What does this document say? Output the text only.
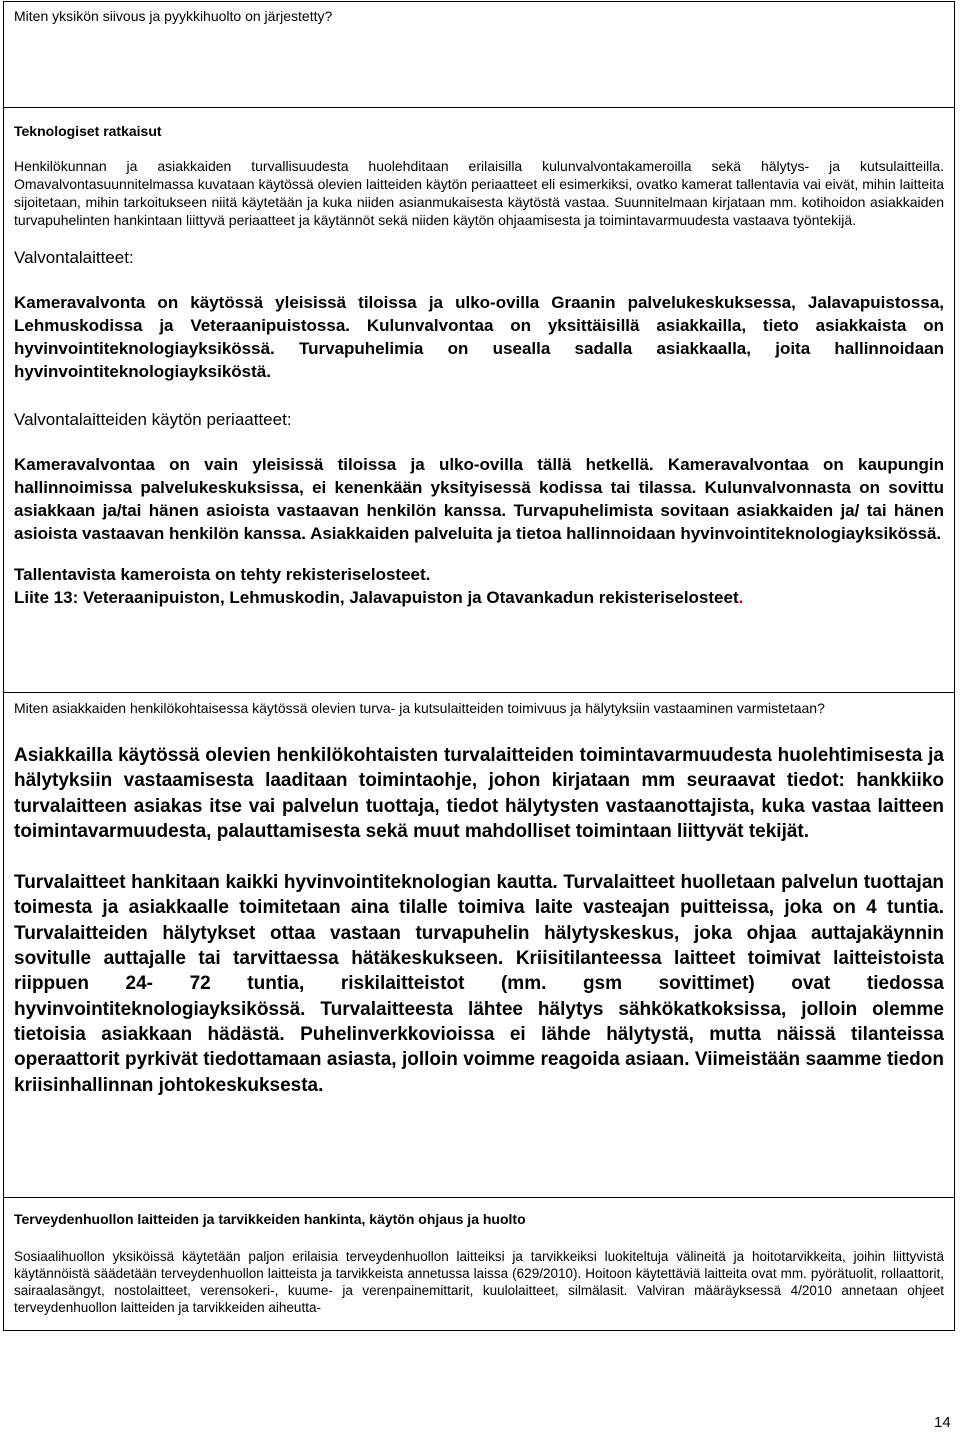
Miten yksikön siivous ja pyykkihuolto on järjestetty?

Teknologiset ratkaisut

Henkilökunnan ja asiakkaiden turvallisuudesta huolehditaan erilaisilla kulunvalvontakameroilla sekä hälytys- ja kutsulaitteilla. Omavalvontasuunnitelmassa kuvataan käytössä olevien laitteiden käytön periaatteet eli esimerkiksi, ovatko kamerat tallentavia vai eivät, mihin laitteita sijoitetaan, mihin tarkoitukseen niitä käytetään ja kuka niiden asianmukaisesta käytöstä vastaa. Suunnitelmaan kirjataan mm. kotihoidon asiakkaiden turvapuhelinten hankintaan liittyvä periaatteet ja käytännöt sekä niiden käytön ohjaamisesta ja toimintavarmuudesta vastaava työntekijä.

Valvontalaitteet:

Kameravalvonta on käytössä yleisissä tiloissa ja ulko-ovilla Graanin palvelukeskuksessa, Jalavapuistossa, Lehmuskodissa ja Veteraanipuistossa. Kulunvalvontaa on yksittäisillä asiakkailla, tieto asiakkaista on hyvinvointiteknologiayksikössä. Turvapuhelimia on usealla sadalla asiakkaalla, joita hallinnoidaan hyvinvointiteknologiayksiköstä.

Valvontalaitteiden käytön periaatteet:

Kameravalvontaa on vain yleisissä tiloissa ja ulko-ovilla tällä hetkellä. Kameravalvontaa on kaupungin hallinnoimissa palvelukeskuksissa, ei kenenkään yksityisessä kodissa tai tilassa. Kulunvalvonnasta on sovittu asiakkaan ja/tai hänen asioista vastaavan henkilön kanssa. Turvapuhelimista sovitaan asiakkaiden ja/ tai hänen asioista vastaavan henkilön kanssa. Asiakkaiden palveluita ja tietoa hallinnoidaan hyvinvointiteknologiayksikössä.

Tallentavista kameroista on tehty rekisteriselosteet.
Liite 13: Veteraanipuiston, Lehmuskodin, Jalavapuiston ja Otavankadun rekisteriselosteet.

Miten asiakkaiden henkilökohtaisessa käytössä olevien turva- ja kutsulaitteiden toimivuus ja hälytyksiin vastaaminen varmistetaan?

Asiakkailla käytössä olevien henkilökohtaisten turvalaitteiden toimintavarmuudesta huolehtimisesta ja hälytyksiin vastaamisesta laaditaan toimintaohje, johon kirjataan mm seuraavat tiedot: hankkiiko turvalaitteen asiakas itse vai palvelun tuottaja, tiedot hälytysten vastaanottajista, kuka vastaa laitteen toimintavarmuudesta, palauttamisesta sekä muut mahdolliset toimintaan liittyvät tekijät.

Turvalaitteet hankitaan kaikki hyvinvointiteknologian kautta. Turvalaitteet huolletaan palvelun tuottajan toimesta ja asiakkaalle toimitetaan aina tilalle toimiva laite vasteajan puitteissa, joka on 4 tuntia. Turvalaitteiden hälytykset ottaa vastaan turvapuhelin hälytyskeskus, joka ohjaa auttajakäynnin sovitulle auttajalle tai tarvittaessa hätäkeskukseen. Kriisitilanteessa laitteet toimivat laitteistoista riippuen 24- 72 tuntia, riskilaitteistot (mm. gsm sovittimet) ovat tiedossa hyvinvointiteknologiayksikössä. Turvalaitteesta lähtee hälytys sähkökatkoksissa, jolloin olemme tietoisia asiakkaan hädästä. Puhelinverkkovioissa ei lähde hälytystä, mutta näissä tilanteissa operaattorit pyrkivät tiedottamaan asiasta, jolloin voimme reagoida asiaan. Viimeistään saamme tiedon kriisinhallinnan johtokeskuksesta.

Terveydenhuollon laitteiden ja tarvikkeiden hankinta, käytön ohjaus ja huolto

Sosiaalihuollon yksiköissä käytetään paljon erilaisia terveydenhuollon laitteiksi ja tarvikkeiksi luokiteltuja välineitä ja hoitotarvikkeita, joihin liittyvistä käytännöistä säädetään terveydenhuollon laitteista ja tarvikkeista annetussa laissa (629/2010). Hoitoon käytettäviä laitteita ovat mm. pyörätuolit, rollaattorit, sairaalasängyt, nostolaitteet, verensokeri-, kuume- ja verenpainemittarit, kuulolaitteet, silmälasit. Valviran määräyksessä 4/2010 annetaan ohjeet terveydenhuollon laitteiden ja tarvikkeiden aiheutta-

14
